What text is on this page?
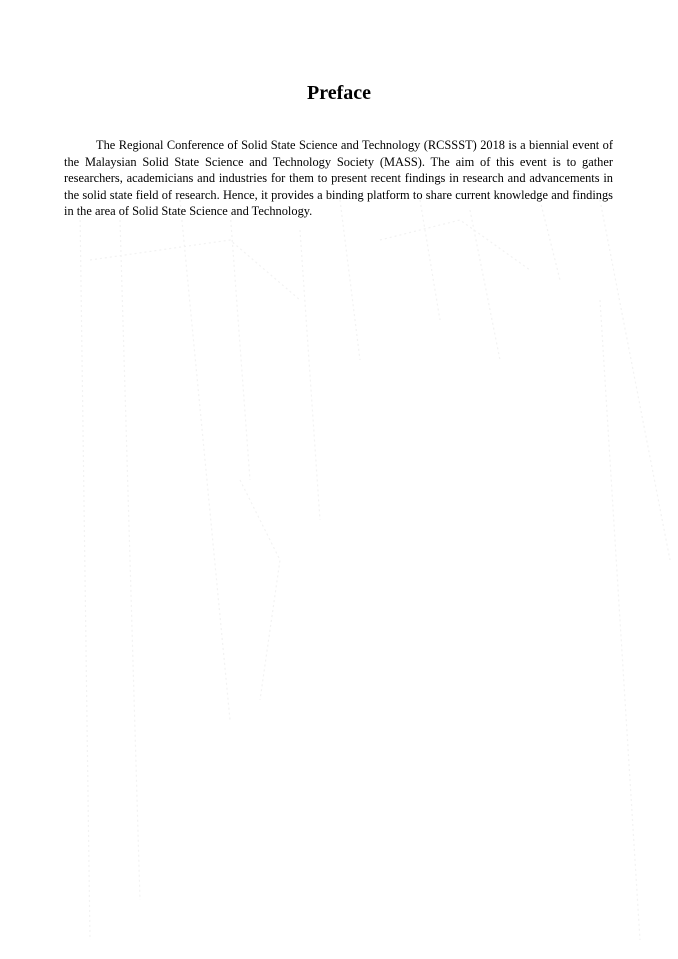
Preface

The Regional Conference of Solid State Science and Technology (RCSSST) 2018 is a biennial event of the Malaysian Solid State Science and Technology Society (MASS). The aim of this event is to gather researchers, academicians and industries for them to present recent findings in research and advancements in the solid state field of research. Hence, it provides a binding platform to share current knowledge and findings in the area of Solid State Science and Technology.
